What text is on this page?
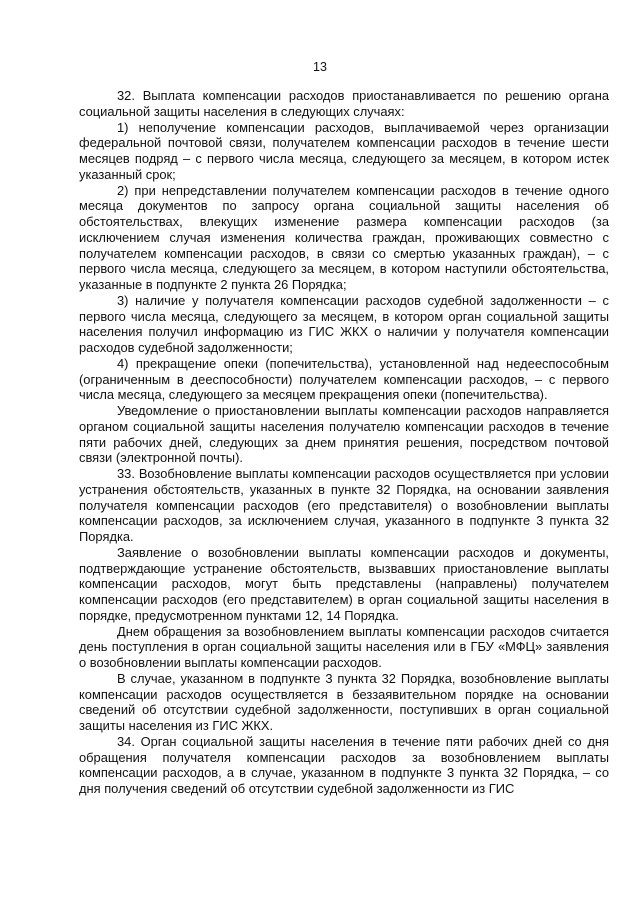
13

32. Выплата компенсации расходов приостанавливается по решению органа социальной защиты населения в следующих случаях:

1) неполучение компенсации расходов, выплачиваемой через организации федеральной почтовой связи, получателем компенсации расходов в течение шести месяцев подряд – с первого числа месяца, следующего за месяцем, в котором истек указанный срок;

2) при непредставлении получателем компенсации расходов в течение одного месяца документов по запросу органа социальной защиты населения об обстоятельствах, влекущих изменение размера компенсации расходов (за исключением случая изменения количества граждан, проживающих совместно с получателем компенсации расходов, в связи со смертью указанных граждан), – с первого числа месяца, следующего за месяцем, в котором наступили обстоятельства, указанные в подпункте 2 пункта 26 Порядка;

3) наличие у получателя компенсации расходов судебной задолженности – с первого числа месяца, следующего за месяцем, в котором орган социальной защиты населения получил информацию из ГИС ЖКХ о наличии у получателя компенсации расходов судебной задолженности;

4) прекращение опеки (попечительства), установленной над недееспособным (ограниченным в дееспособности) получателем компенсации расходов, – с первого числа месяца, следующего за месяцем прекращения опеки (попечительства).

Уведомление о приостановлении выплаты компенсации расходов направляется органом социальной защиты населения получателю компенсации расходов в течение пяти рабочих дней, следующих за днем принятия решения, посредством почтовой связи (электронной почты).

33. Возобновление выплаты компенсации расходов осуществляется при условии устранения обстоятельств, указанных в пункте 32 Порядка, на основании заявления получателя компенсации расходов (его представителя) о возобновлении выплаты компенсации расходов, за исключением случая, указанного в подпункте 3 пункта 32 Порядка.

Заявление о возобновлении выплаты компенсации расходов и документы, подтверждающие устранение обстоятельств, вызвавших приостановление выплаты компенсации расходов, могут быть представлены (направлены) получателем компенсации расходов (его представителем) в орган социальной защиты населения в порядке, предусмотренном пунктами 12, 14 Порядка.

Днем обращения за возобновлением выплаты компенсации расходов считается день поступления в орган социальной защиты населения или в ГБУ «МФЦ» заявления о возобновлении выплаты компенсации расходов.

В случае, указанном в подпункте 3 пункта 32 Порядка, возобновление выплаты компенсации расходов осуществляется в беззаявительном порядке на основании сведений об отсутствии судебной задолженности, поступивших в орган социальной защиты населения из ГИС ЖКХ.

34. Орган социальной защиты населения в течение пяти рабочих дней со дня обращения получателя компенсации расходов за возобновлением выплаты компенсации расходов, а в случае, указанном в подпункте 3 пункта 32 Порядка, – со дня получения сведений об отсутствии судебной задолженности из ГИС
